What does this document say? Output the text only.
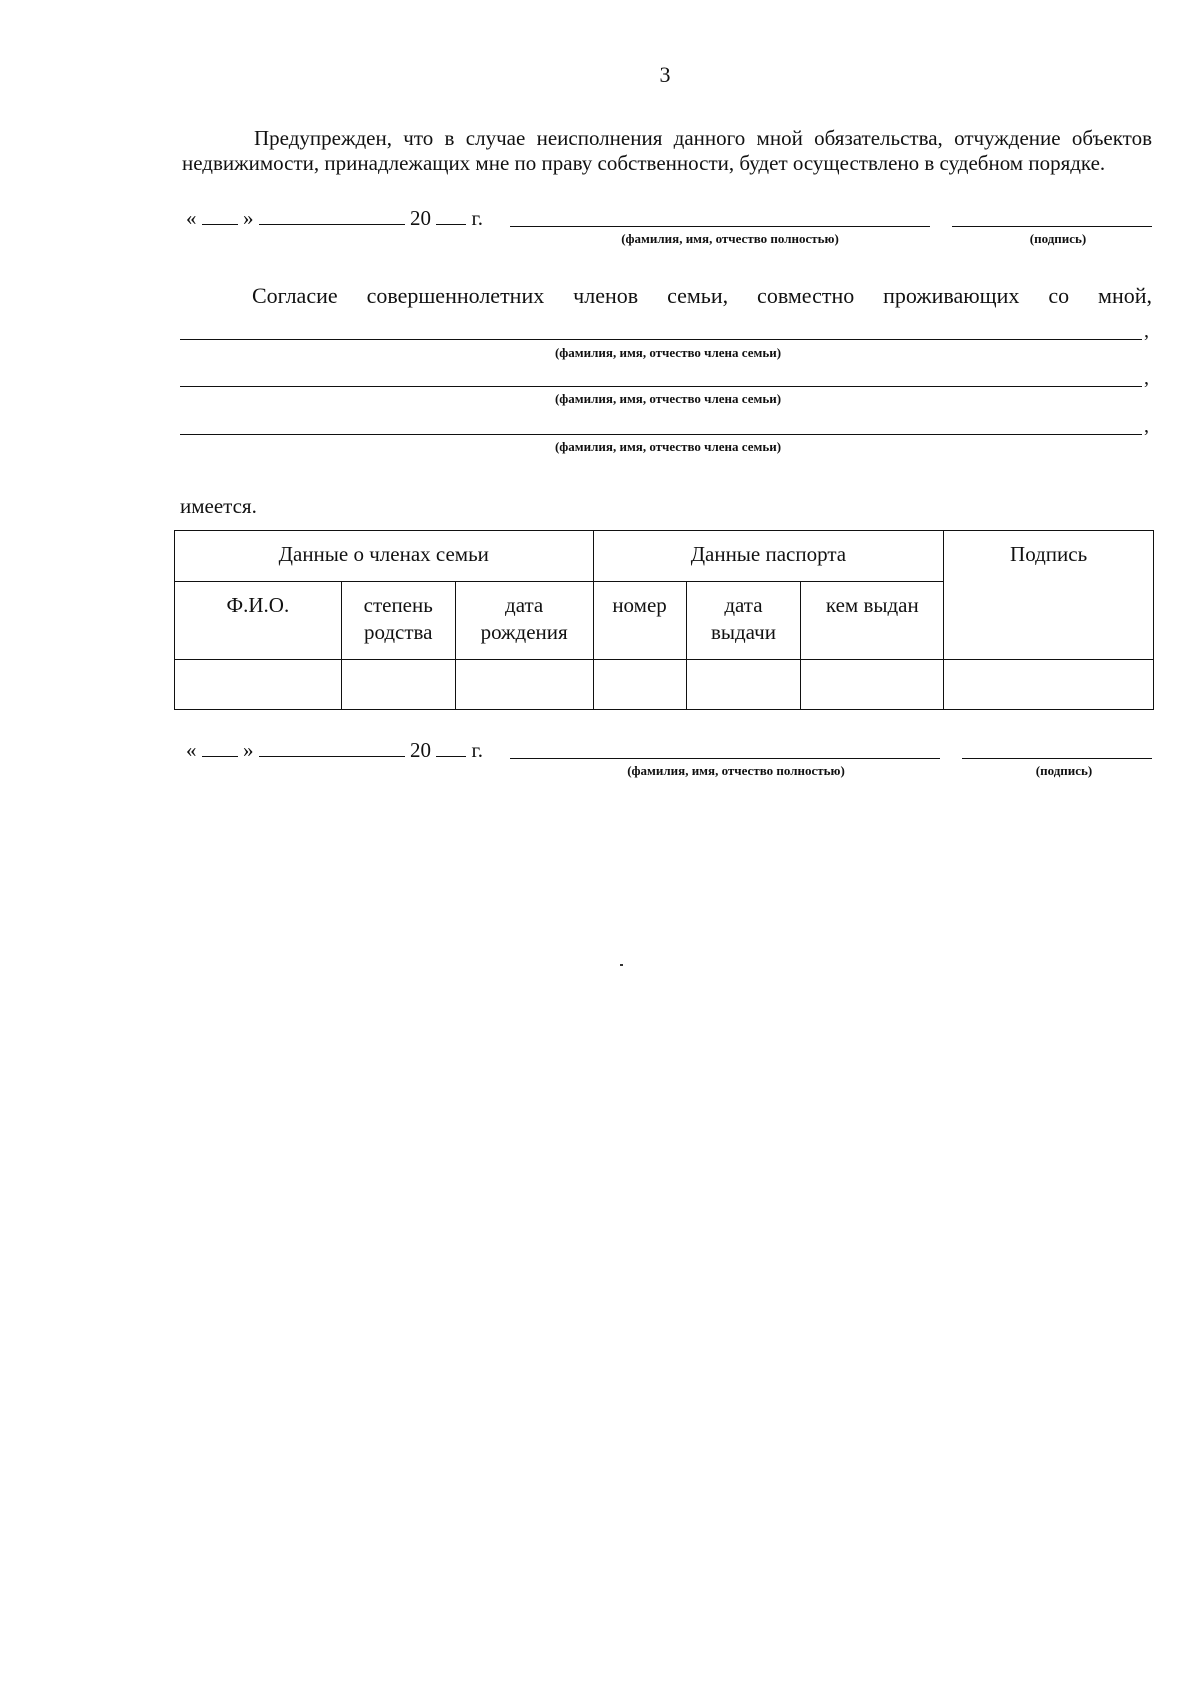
3
Предупрежден, что в случае неисполнения данного мной обязательства, отчуждение объектов недвижимости, принадлежащих мне по праву собственности, будет осуществлено в судебном порядке.
« »	20 г.
(фамилия, имя, отчество полностью)	(подпись)
Согласие совершеннолетних членов семьи, совместно проживающих со мной,
,
(фамилия, имя, отчество члена семьи)
,
(фамилия, имя, отчество члена семьи)
,
(фамилия, имя, отчество члена семьи)
имеется.
Данные о членах семьи			Данные паспорта			Подпись
Ф.И.О.	степень родства	дата рождения	номер	дата выдачи	кем выдан	

« »	20 г.
(фамилия, имя, отчество полностью)	(подпись)
